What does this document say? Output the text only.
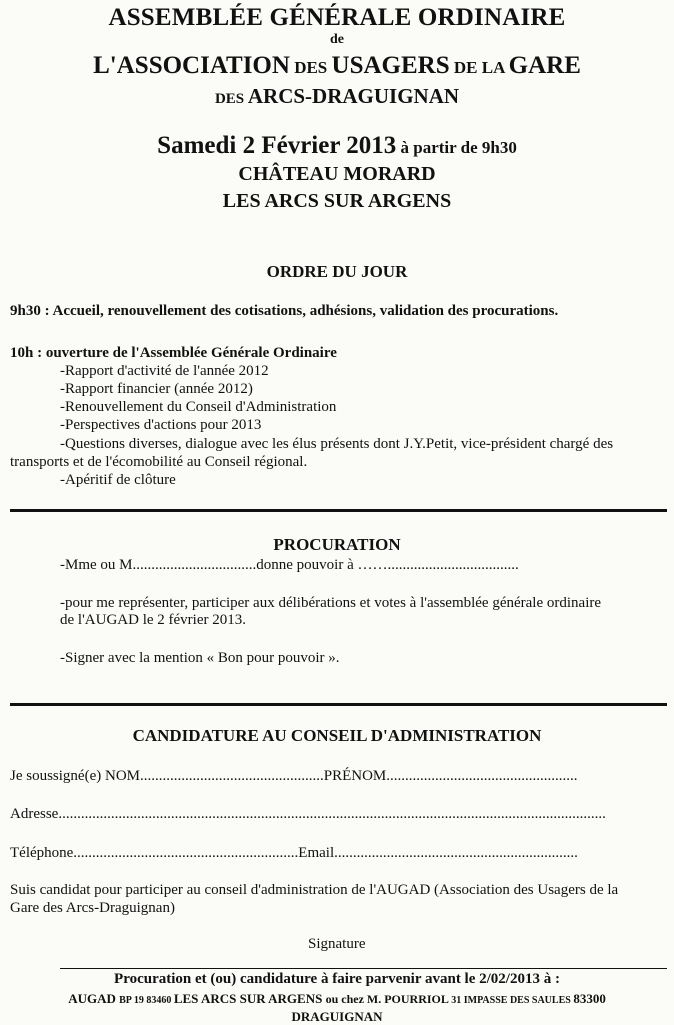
ASSEMBLÉE GÉNÉRALE ORDINAIRE
de
L'ASSOCIATION DES USAGERS DE LA GARE
DES ARCS-DRAGUIGNAN
Samedi 2 Février 2013 à partir de 9h30
CHÂTEAU MORARD
LES ARCS SUR ARGENS
ORDRE DU JOUR
9h30 : Accueil, renouvellement des cotisations, adhésions, validation des procurations.
10h : ouverture de l'Assemblée Générale Ordinaire
-Rapport d'activité de l'année 2012
-Rapport financier (année 2012)
-Renouvellement du Conseil d'Administration
-Perspectives d'actions pour 2013
-Questions diverses, dialogue avec les élus présents dont J.Y.Petit, vice-président chargé des
transports et de l'écomobilité au Conseil régional.
-Apéritif de clôture
PROCURATION
-Mme ou M.................................donne pouvoir à ……...................................
-pour me représenter, participer aux délibérations et votes à l'assemblée générale ordinaire
de l'AUGAD le 2 février 2013.
-Signer avec la mention « Bon pour pouvoir ».
CANDIDATURE AU CONSEIL D'ADMINISTRATION
Je soussigné(e) NOM.................................................PRÉNOM...................................................
Adresse..................................................................................................................................................
Téléphone............................................................Email.................................................................
Suis candidat pour participer au conseil d'administration de l'AUGAD (Association des Usagers de la
Gare des Arcs-Draguignan)
Signature
Procuration et (ou) candidature à faire parvenir avant le 2/02/2013 à :
AUGAD BP 19 83460 LES ARCS SUR ARGENS ou chez M. POURRIOL 31 IMPASSE DES SAULES 83300
DRAGUIGNAN
